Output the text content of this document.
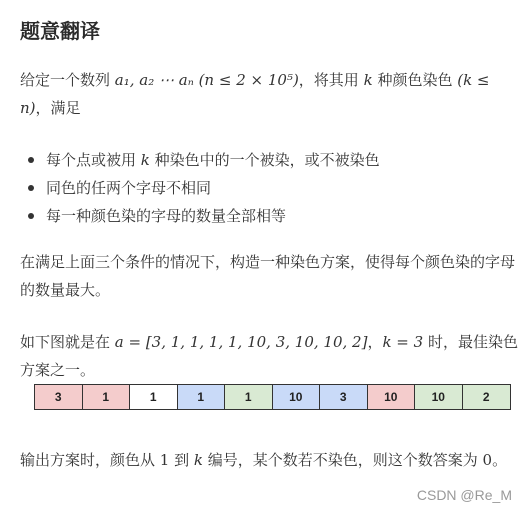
题意翻译

给定一个数列 a₁, a₂ ⋯ aₙ (n ≤ 2 × 10⁵)，将其用 k 种颜色染色 (k ≤ n)，满足

每个点或被用 k 种染色中的一个被染，或不被染色
同色的任两个字母不相同
每一种颜色染的字母的数量全部相等

在满足上面三个条件的情况下，构造一种染色方案，使得每个颜色染的字母的数量最大。

如下图就是在 a = [3, 1, 1, 1, 1, 10, 3, 10, 10, 2]，k = 3 时，最佳染色方案之一。

3	1	1	1	1	10	3	10	10	2

输出方案时，颜色从 1 到 k 编号，某个数若不染色，则这个数答案为 0。

CSDN @Re_M
